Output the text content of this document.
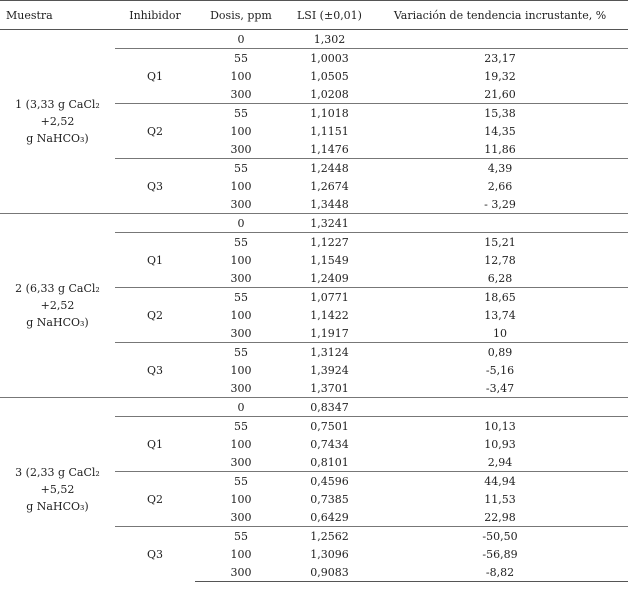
Muestra	Inhibidor	Dosis, ppm	LSI (±0,01)	Variación de tendencia incrustante, %

1 (3,33 g CaCl₂ +2,52
g NaHCO₃)		0	1,302	
	Q1	55	1,0003	23,17
		100	1,0505	19,32
		300	1,0208	21,60
	Q2	55	1,1018	15,38
		100	1,1151	14,35
		300	1,1476	11,86
	Q3	55	1,2448	4,39
		100	1,2674	2,66
		300	1,3448	- 3,29

2 (6,33 g CaCl₂ +2,52
g NaHCO₃)		0	1,3241	
	Q1	55	1,1227	15,21
		100	1,1549	12,78
		300	1,2409	6,28
	Q2	55	1,0771	18,65
		100	1,1422	13,74
		300	1,1917	10
	Q3	55	1,3124	0,89
		100	1,3924	-5,16
		300	1,3701	-3,47

3 (2,33 g CaCl₂ +5,52
g NaHCO₃)		0	0,8347	
	Q1	55	0,7501	10,13
		100	0,7434	10,93
		300	0,8101	2,94
	Q2	55	0,4596	44,94
		100	0,7385	11,53
		300	0,6429	22,98
	Q3	55	1,2562	-50,50
		100	1,3096	-56,89
		300	0,9083	-8,82
